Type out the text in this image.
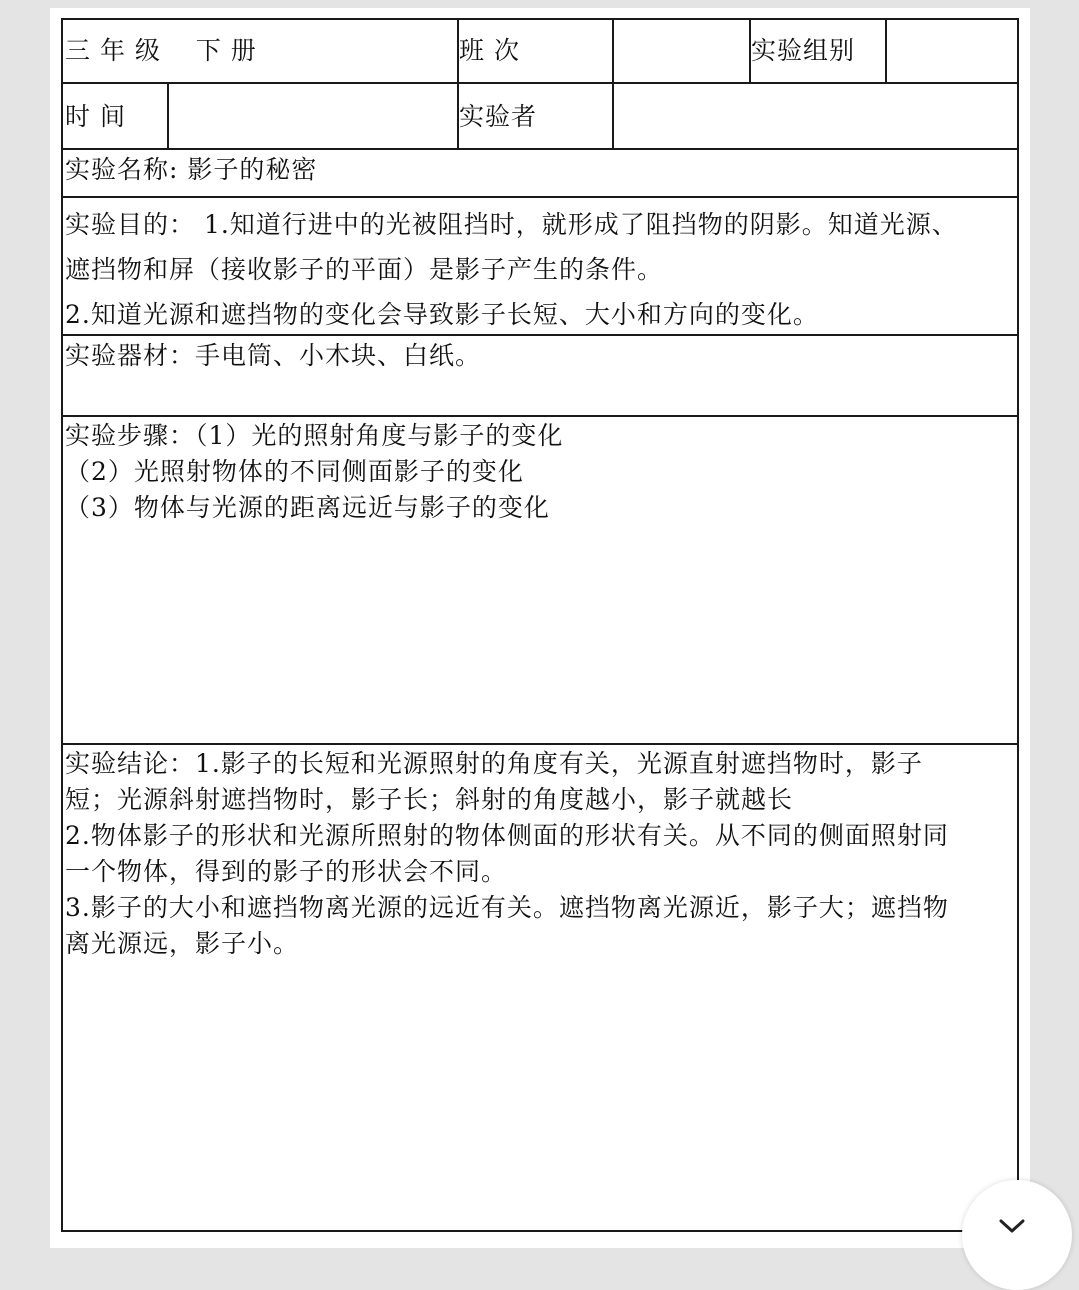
三 年 级　 下 册	班 次	实验组别
时 间	实验者
实验名称: 影子的秘密
实验目的： 1.知道行进中的光被阻挡时，就形成了阻挡物的阴影。知道光源、
遮挡物和屏（接收影子的平面）是影子产生的条件。
2.知道光源和遮挡物的变化会导致影子长短、大小和方向的变化。
实验器材：手电筒、小木块、白纸。
实验步骤：（1）光的照射角度与影子的变化
（2）光照射物体的不同侧面影子的变化
（3）物体与光源的距离远近与影子的变化
实验结论：1.影子的长短和光源照射的角度有关，光源直射遮挡物时，影子
短；光源斜射遮挡物时，影子长；斜射的角度越小，影子就越长
2.物体影子的形状和光源所照射的物体侧面的形状有关。从不同的侧面照射同
一个物体，得到的影子的形状会不同。
3.影子的大小和遮挡物离光源的远近有关。遮挡物离光源近，影子大；遮挡物
离光源远，影子小。
